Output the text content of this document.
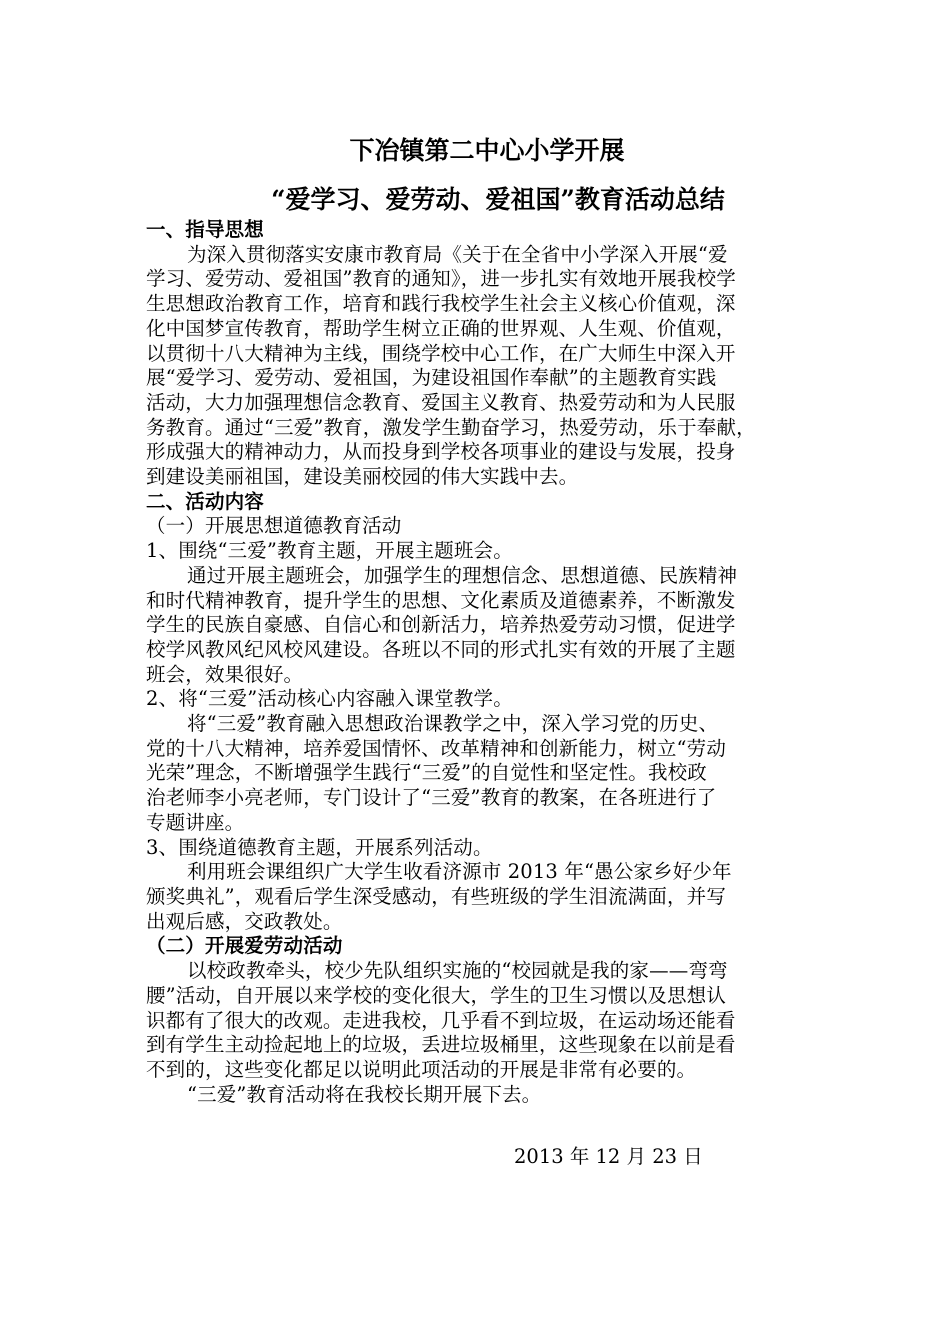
下冶镇第二中心小学开展

“爱学习、爱劳动、爱祖国”教育活动总结

一、指导思想

为深入贯彻落实安康市教育局《关于在全省中小学深入开展“爱

学习、爱劳动、爱祖国”教育的通知》，进一步扎实有效地开展我校学

生思想政治教育工作，培育和践行我校学生社会主义核心价值观，深

化中国梦宣传教育，帮助学生树立正确的世界观、人生观、价值观，

以贯彻十八大精神为主线，围绕学校中心工作，在广大师生中深入开

展“爱学习、爱劳动、爱祖国，为建设祖国作奉献”的主题教育实践

活动，大力加强理想信念教育、爱国主义教育、热爱劳动和为人民服

务教育。通过“三爱”教育，激发学生勤奋学习，热爱劳动，乐于奉献，

形成强大的精神动力，从而投身到学校各项事业的建设与发展，投身

到建设美丽祖国，建设美丽校园的伟大实践中去。

二、活动内容

（一）开展思想道德教育活动

1、围绕“三爱”教育主题，开展主题班会。

通过开展主题班会，加强学生的理想信念、思想道德、民族精神

和时代精神教育，提升学生的思想、文化素质及道德素养，不断激发

学生的民族自豪感、自信心和创新活力，培养热爱劳动习惯，促进学

校学风教风纪风校风建设。各班以不同的形式扎实有效的开展了主题

班会，效果很好。

2、将“三爱”活动核心内容融入课堂教学。

将“三爱”教育融入思想政治课教学之中，深入学习党的历史、

党的十八大精神，培养爱国情怀、改革精神和创新能力，树立“劳动

光荣”理念，不断增强学生践行“三爱”的自觉性和坚定性。我校政

治老师李小亮老师，专门设计了“三爱”教育的教案，在各班进行了

专题讲座。

3、围绕道德教育主题，开展系列活动。

利用班会课组织广大学生收看济源市 2013 年“愚公家乡好少年

颁奖典礼”，观看后学生深受感动，有些班级的学生泪流满面，并写

出观后感，交政教处。

（二）开展爱劳动活动

以校政教牵头，校少先队组织实施的“校园就是我的家——弯弯

腰”活动，自开展以来学校的变化很大，学生的卫生习惯以及思想认

识都有了很大的改观。走进我校，几乎看不到垃圾，在运动场还能看

到有学生主动捡起地上的垃圾，丢进垃圾桶里，这些现象在以前是看

不到的，这些变化都足以说明此项活动的开展是非常有必要的。

“三爱”教育活动将在我校长期开展下去。

2013 年 12 月 23 日
